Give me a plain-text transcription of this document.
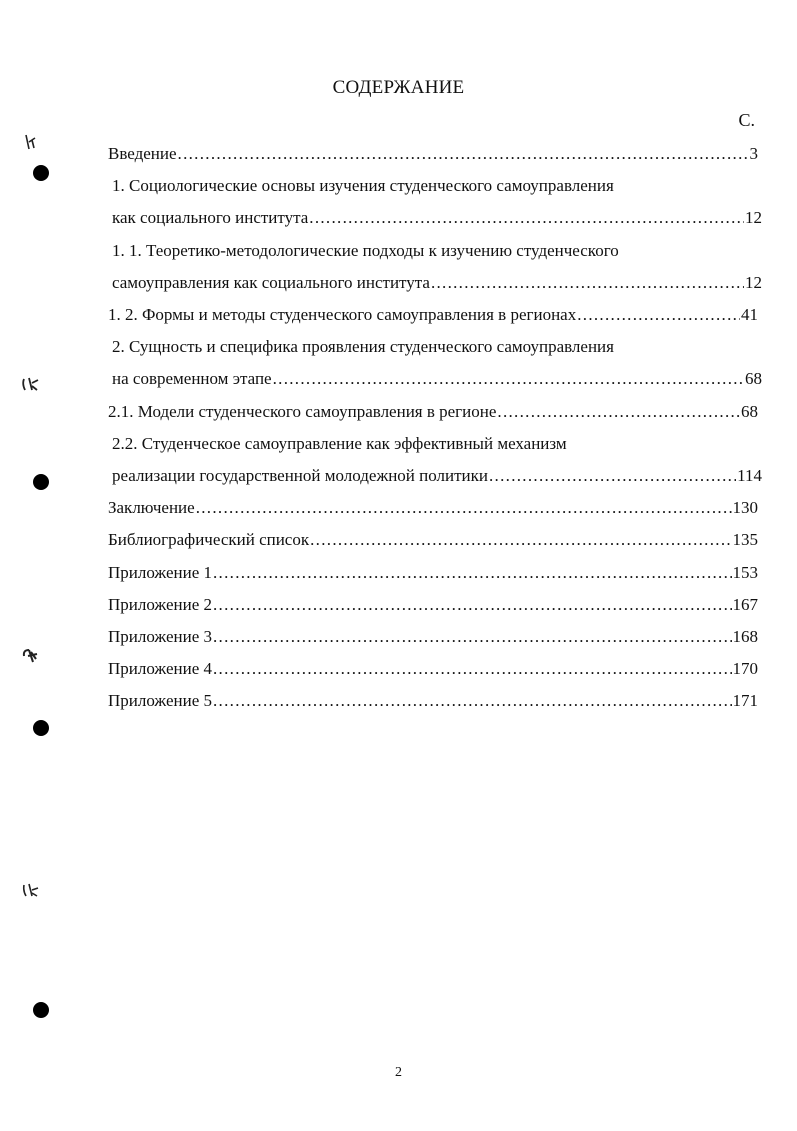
СОДЕРЖАНИЕ
С.
Введение .....	3
1. Социологические основы изучения студенческого самоуправления
как социального института .....	12
1. 1. Теоретико-методологические подходы к изучению студенческого
самоуправления как социального института .....	12
1. 2. Формы и методы студенческого самоуправления в регионах .....	41
2. Сущность и специфика проявления студенческого самоуправления
на современном этапе .....	68
2.1. Модели студенческого самоуправления в регионе .....	68
2.2. Студенческое самоуправление как эффективный механизм
реализации государственной молодежной политики .....	114
Заключение .....	130
Библиографический список .....	135
Приложение 1 .....	153
Приложение 2 .....	167
Приложение 3 .....	168
Приложение 4 .....	170
Приложение 5 .....	171
2
